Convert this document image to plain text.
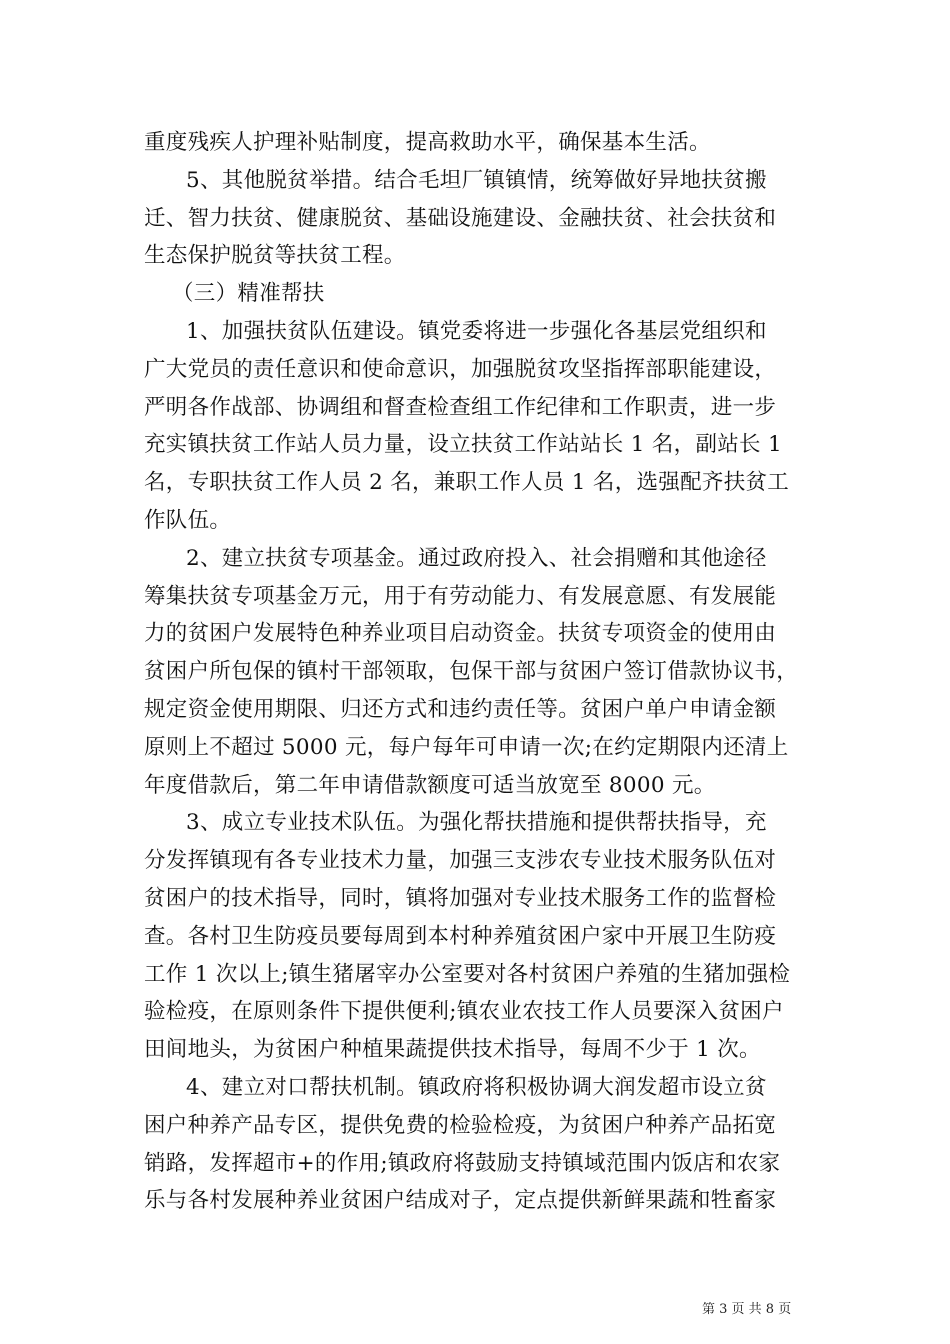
重度残疾人护理补贴制度，提高救助水平，确保基本生活。
5、其他脱贫举措。结合毛坦厂镇镇情，统筹做好异地扶贫搬
迁、智力扶贫、健康脱贫、基础设施建设、金融扶贫、社会扶贫和
生态保护脱贫等扶贫工程。
（三）精准帮扶
1、加强扶贫队伍建设。镇党委将进一步强化各基层党组织和
广大党员的责任意识和使命意识，加强脱贫攻坚指挥部职能建设，
严明各作战部、协调组和督查检查组工作纪律和工作职责，进一步
充实镇扶贫工作站人员力量，设立扶贫工作站站长 1 名，副站长 1
名，专职扶贫工作人员 2 名，兼职工作人员 1 名，选强配齐扶贫工
作队伍。
2、建立扶贫专项基金。通过政府投入、社会捐赠和其他途径
筹集扶贫专项基金万元，用于有劳动能力、有发展意愿、有发展能
力的贫困户发展特色种养业项目启动资金。扶贫专项资金的使用由
贫困户所包保的镇村干部领取，包保干部与贫困户签订借款协议书，
规定资金使用期限、归还方式和违约责任等。贫困户单户申请金额
原则上不超过 5000 元，每户每年可申请一次;在约定期限内还清上
年度借款后，第二年申请借款额度可适当放宽至 8000 元。
3、成立专业技术队伍。为强化帮扶措施和提供帮扶指导，充
分发挥镇现有各专业技术力量，加强三支涉农专业技术服务队伍对
贫困户的技术指导，同时，镇将加强对专业技术服务工作的监督检
查。各村卫生防疫员要每周到本村种养殖贫困户家中开展卫生防疫
工作 1 次以上;镇生猪屠宰办公室要对各村贫困户养殖的生猪加强检
验检疫，在原则条件下提供便利;镇农业农技工作人员要深入贫困户
田间地头，为贫困户种植果蔬提供技术指导，每周不少于 1 次。
4、建立对口帮扶机制。镇政府将积极协调大润发超市设立贫
困户种养产品专区，提供免费的检验检疫，为贫困户种养产品拓宽
销路，发挥超市+的作用;镇政府将鼓励支持镇域范围内饭店和农家
乐与各村发展种养业贫困户结成对子，定点提供新鲜果蔬和牲畜家
第 3 页 共 8 页
